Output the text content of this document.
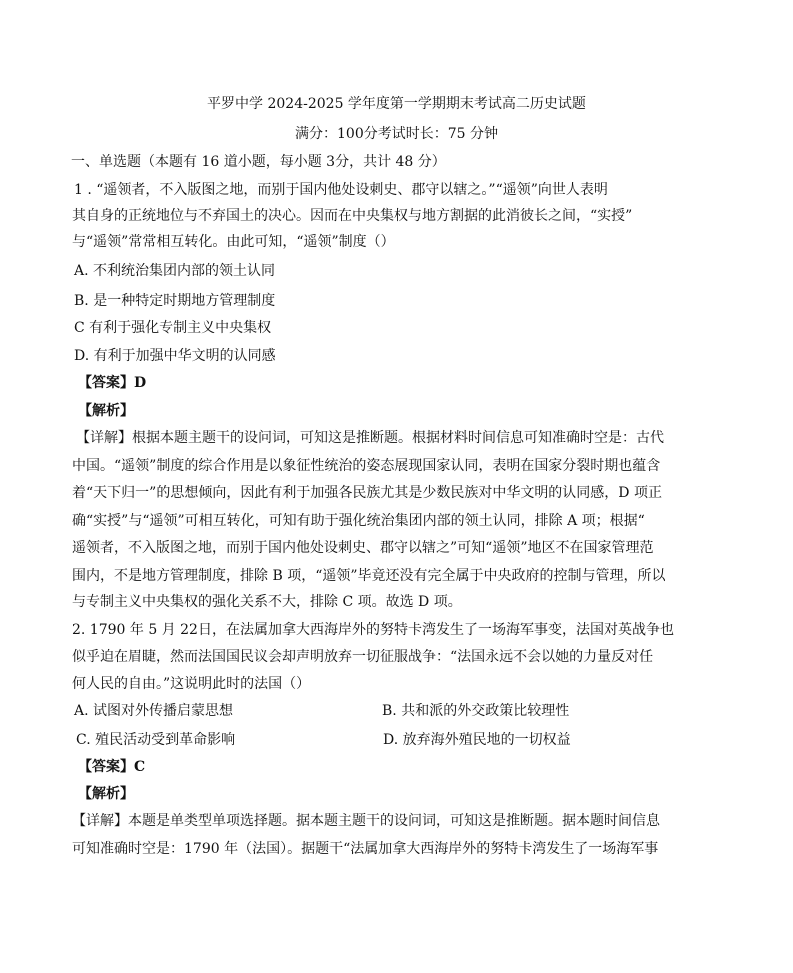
平罗中学 2024-2025 学年度第一学期期末考试高二历史试题
满分：100分考试时长：75 分钟
一、单选题（本题有 16 道小题，每小题 3分，共计 48 分）
1 . “遥领者，不入版图之地，而别于国内他处设刺史、郡守以辖之。”“遥领”向世人表明
其自身的正统地位与不弃国土的决心。因而在中央集权与地方割据的此消彼长之间，“实授”
与“遥领”常常相互转化。由此可知，“遥领”制度（）
A. 不利统治集团内部的领土认同
B. 是一种特定时期地方管理制度
C 有利于强化专制主义中央集权
D. 有利于加强中华文明的认同感
【答案】D
【解析】
【详解】根据本题主题干的设问词，可知这是推断题。根据材料时间信息可知准确时空是：古代
中国。“遥领”制度的综合作用是以象征性统治的姿态展现国家认同，表明在国家分裂时期也蕴含
着“天下归一”的思想倾向，因此有利于加强各民族尤其是少数民族对中华文明的认同感，D 项正
确“实授”与“遥领”可相互转化，可知有助于强化统治集团内部的领土认同，排除 A 项；根据“
遥领者，不入版图之地，而别于国内他处设刺史、郡守以辖之”可知“遥领”地区不在国家管理范
围内，不是地方管理制度，排除 B 项，“遥领”毕竟还没有完全属于中央政府的控制与管理，所以
与专制主义中央集权的强化关系不大，排除 C 项。故选 D 项。
2. 1790 年 5 月 22日，在法属加拿大西海岸外的努特卡湾发生了一场海军事变，法国对英战争也
似乎迫在眉睫，然而法国国民议会却声明放弃一切征服战争：“法国永远不会以她的力量反对任
何人民的自由。”这说明此时的法国（）
A. 试图对外传播启蒙思想	B. 共和派的外交政策比较理性
C. 殖民活动受到革命影响	D. 放弃海外殖民地的一切权益
【答案】C
【解析】
【详解】本题是单类型单项选择题。据本题主题干的设问词，可知这是推断题。据本题时间信息
可知准确时空是：1790 年（法国）。据题干“法属加拿大西海岸外的努特卡湾发生了一场海军事
